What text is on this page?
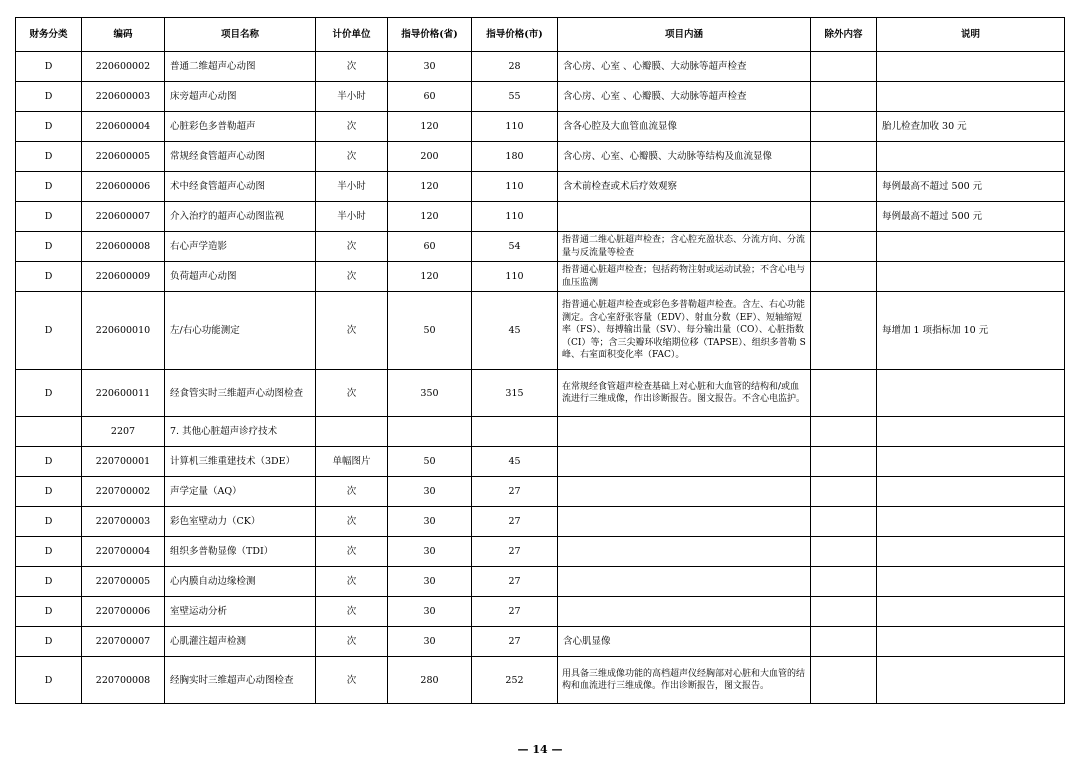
财务分类	编码	项目名称	计价单位	指导价格(省)	指导价格(市)	项目内涵	除外内容	说明
D	220600002	普通二维超声心动图	次	30	28	含心房、心室 、心瓣膜、大动脉等超声检查		
D	220600003	床旁超声心动图	半小时	60	55	含心房、心室 、心瓣膜、大动脉等超声检查		
D	220600004	心脏彩色多普勒超声	次	120	110	含各心腔及大血管血流显像		胎儿检查加收 30 元
D	220600005	常规经食管超声心动图	次	200	180	含心房、心室、心瓣膜、大动脉等结构及血流显像		
D	220600006	术中经食管超声心动图	半小时	120	110	含术前检查或术后疗效观察		每例最高不超过 500 元
D	220600007	介入治疗的超声心动图监视	半小时	120	110			每例最高不超过 500 元
D	220600008	右心声学造影	次	60	54	指普通二维心脏超声检查；含心腔充盈状态、分流方向、分流量与反流量等检查		
D	220600009	负荷超声心动图	次	120	110	指普通心脏超声检查；包括药物注射或运动试验；不含心电与血压监测		
D	220600010	左/右心功能测定	次	50	45	指普通心脏超声检查或彩色多普勒超声检查。含左、右心功能测定。含心室舒张容量（EDV）、射血分数（EF）、短轴缩短率（FS）、每搏输出量（SV）、每分输出量（CO）、心脏指数（CI）等；含三尖瓣环收缩期位移（TAPSE）、组织多普勒 S 峰、右室面积变化率（FAC）。		每增加 1 项指标加 10 元
D	220600011	经食管实时三维超声心动图检查	次	350	315	在常规经食管超声检查基础上对心脏和大血管的结构和/或血流进行三维成像，作出诊断报告。图文报告。不含心电监护。		
	2207	7. 其他心脏超声诊疗技术						
D	220700001	计算机三维重建技术（3DE）	单幅图片	50	45			
D	220700002	声学定量（AQ）	次	30	27			
D	220700003	彩色室壁动力（CK）	次	30	27			
D	220700004	组织多普勒显像（TDI）	次	30	27			
D	220700005	心内膜自动边缘检测	次	30	27			
D	220700006	室壁运动分析	次	30	27			
D	220700007	心肌灌注超声检测	次	30	27	含心肌显像		
D	220700008	经胸实时三维超声心动图检查	次	280	252	用具备三维成像功能的高档超声仪经胸部对心脏和大血管的结构和血流进行三维成像。作出诊断报告，图文报告。		
— 14 —
